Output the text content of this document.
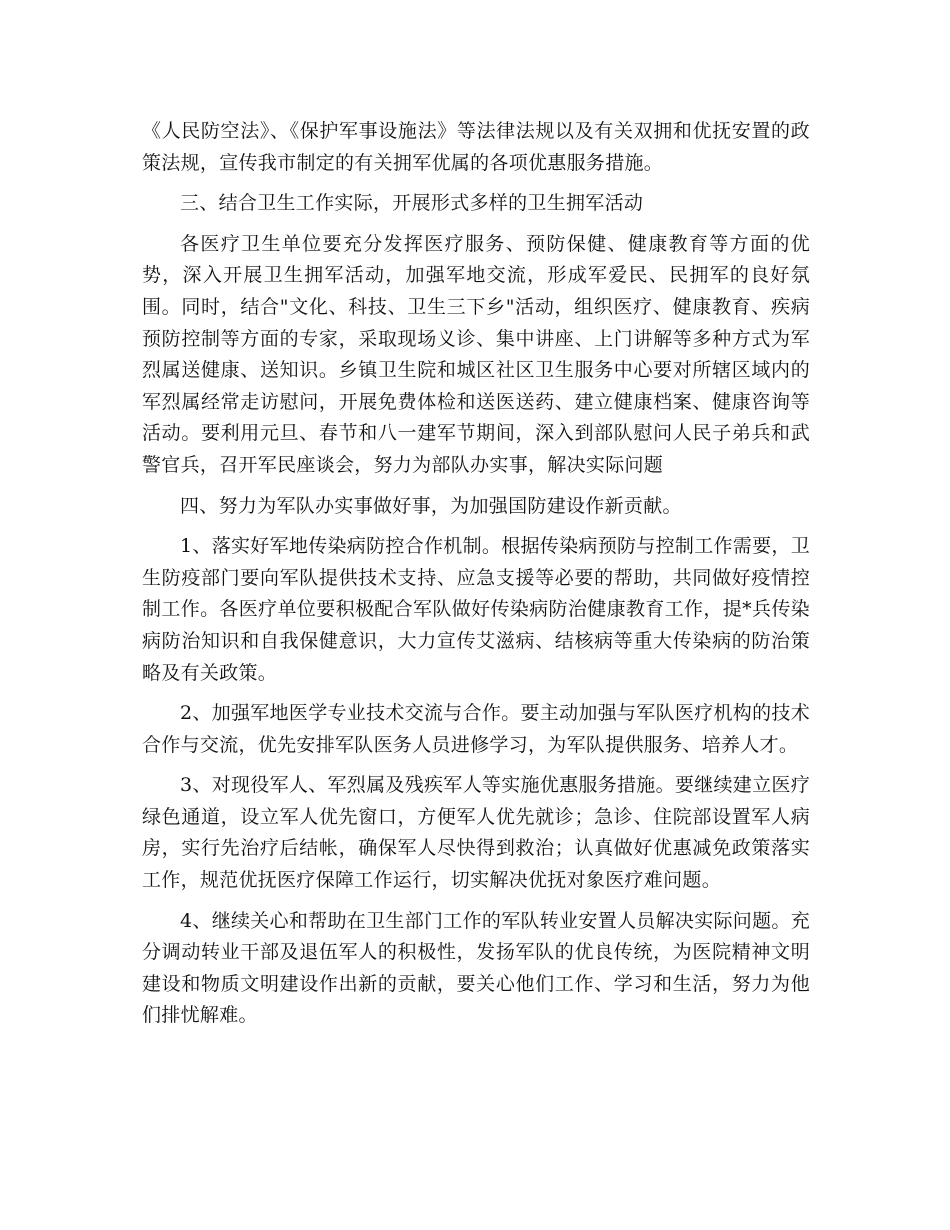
《人民防空法》、《保护军事设施法》等法律法规以及有关双拥和优抚安置的政策法规，宣传我市制定的有关拥军优属的各项优惠服务措施。

三、结合卫生工作实际，开展形式多样的卫生拥军活动

各医疗卫生单位要充分发挥医疗服务、预防保健、健康教育等方面的优势，深入开展卫生拥军活动，加强军地交流，形成军爱民、民拥军的良好氛围。同时，结合"文化、科技、卫生三下乡"活动，组织医疗、健康教育、疾病预防控制等方面的专家，采取现场义诊、集中讲座、上门讲解等多种方式为军烈属送健康、送知识。乡镇卫生院和城区社区卫生服务中心要对所辖区域内的军烈属经常走访慰问，开展免费体检和送医送药、建立健康档案、健康咨询等活动。要利用元旦、春节和八一建军节期间，深入到部队慰问人民子弟兵和武警官兵，召开军民座谈会，努力为部队办实事，解决实际问题

四、努力为军队办实事做好事，为加强国防建设作新贡献。

1、落实好军地传染病防控合作机制。根据传染病预防与控制工作需要，卫生防疫部门要向军队提供技术支持、应急支援等必要的帮助，共同做好疫情控制工作。各医疗单位要积极配合军队做好传染病防治健康教育工作，提*兵传染病防治知识和自我保健意识，大力宣传艾滋病、结核病等重大传染病的防治策略及有关政策。

2、加强军地医学专业技术交流与合作。要主动加强与军队医疗机构的技术合作与交流，优先安排军队医务人员进修学习，为军队提供服务、培养人才。

3、对现役军人、军烈属及残疾军人等实施优惠服务措施。要继续建立医疗绿色通道，设立军人优先窗口，方便军人优先就诊；急诊、住院部设置军人病房，实行先治疗后结帐，确保军人尽快得到救治；认真做好优惠减免政策落实工作，规范优抚医疗保障工作运行，切实解决优抚对象医疗难问题。

4、继续关心和帮助在卫生部门工作的军队转业安置人员解决实际问题。充分调动转业干部及退伍军人的积极性，发扬军队的优良传统，为医院精神文明建设和物质文明建设作出新的贡献，要关心他们工作、学习和生活，努力为他们排忧解难。
